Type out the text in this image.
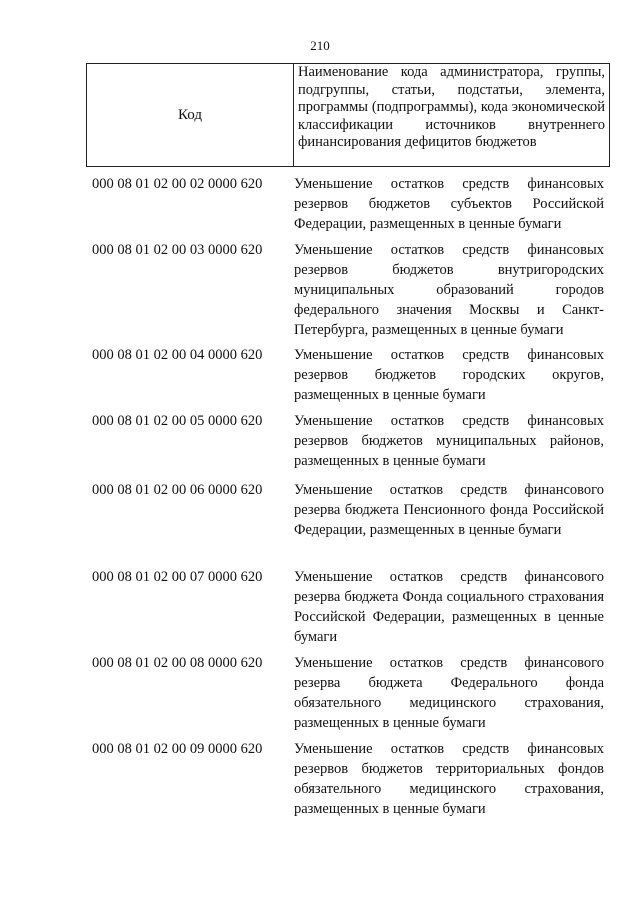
210
Код
Наименование кода администратора, группы, подгруппы, статьи, подстатьи, элемента, программы (подпрограммы), кода экономической классификации источников внутреннего финансирования дефицитов бюджетов
000 08 01 02 00 02 0000 620 Уменьшение остатков средств финансовых резервов бюджетов субъектов Российской Федерации, размещенных в ценные бумаги
000 08 01 02 00 03 0000 620 Уменьшение остатков средств финансовых резервов бюджетов внутригородских муниципальных образований городов федерального значения Москвы и Санкт-Петербурга, размещенных в ценные бумаги
000 08 01 02 00 04 0000 620 Уменьшение остатков средств финансовых резервов бюджетов городских округов, размещенных в ценные бумаги
000 08 01 02 00 05 0000 620 Уменьшение остатков средств финансовых резервов бюджетов муниципальных районов, размещенных в ценные бумаги
000 08 01 02 00 06 0000 620 Уменьшение остатков средств финансового резерва бюджета Пенсионного фонда Российской Федерации, размещенных в ценные бумаги
000 08 01 02 00 07 0000 620 Уменьшение остатков средств финансового резерва бюджета Фонда социального страхования Российской Федерации, размещенных в ценные бумаги
000 08 01 02 00 08 0000 620 Уменьшение остатков средств финансового резерва бюджета Федерального фонда обязательного медицинского страхования, размещенных в ценные бумаги
000 08 01 02 00 09 0000 620 Уменьшение остатков средств финансовых резервов бюджетов территориальных фондов обязательного медицинского страхования, размещенных в ценные бумаги
